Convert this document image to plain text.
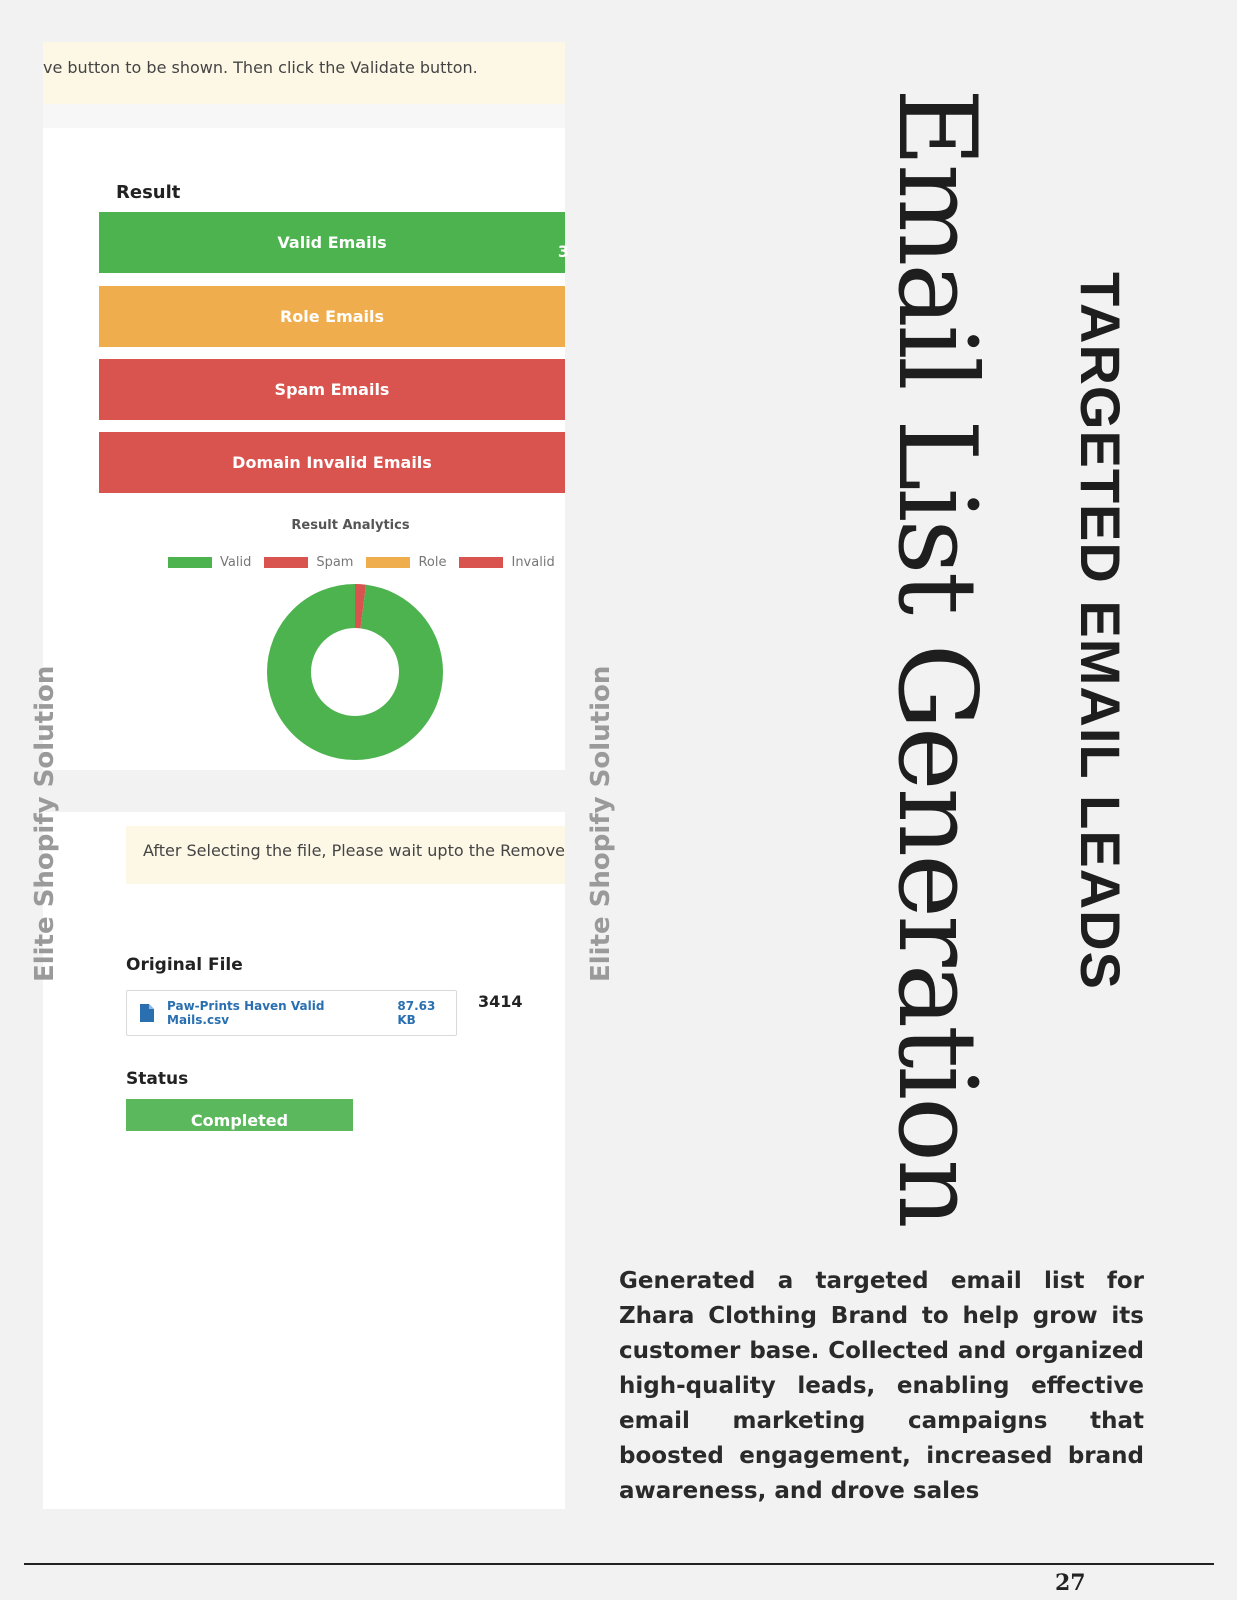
ve button to be shown. Then click the Validate button.
Result
Valid Emails	3
Role Emails
Spam Emails
Domain Invalid Emails
Result Analytics
Valid	Spam	Role	Invalid
After Selecting the file, Please wait upto the Remove
Original File
Paw-Prints Haven Valid Mails.csv
87.63 KB
3414
Status
Completed
Elite Shopify Solution	Elite Shopify Solution Email List Generation TARGETED EMAIL LEADS

Generated a targeted email list for Zhara Clothing Brand to help grow its customer base. Collected and organized high-quality leads, enabling effective email marketing campaigns that boosted engagement, increased brand awareness, and drove sales

27
